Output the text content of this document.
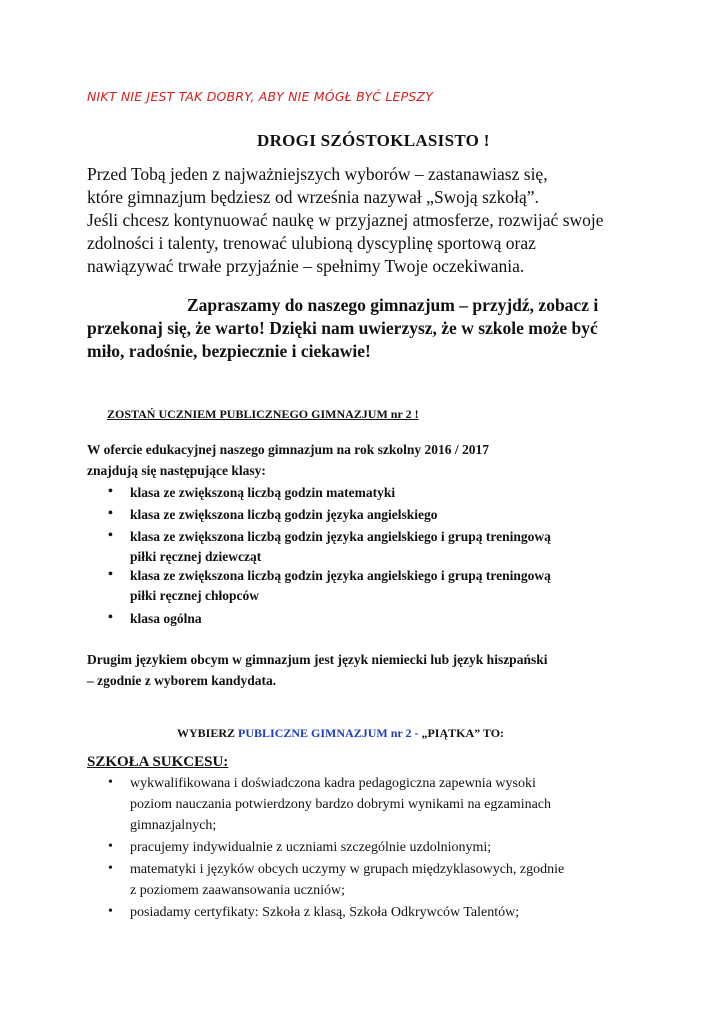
NIKT NIE JEST TAK DOBRY, ABY NIE MÓGŁ BYĆ LEPSZY
DROGI SZÓSTOKLASISTO !
Przed Tobą jeden z najważniejszych wyborów – zastanawiasz się,
które gimnazjum będziesz od września nazywał „Swoją szkołą”.
Jeśli chcesz kontynuować naukę w przyjaznej atmosferze, rozwijać swoje
zdolności i talenty, trenować ulubioną dyscyplinę sportową oraz
nawiązywać trwałe przyjaźnie – spełnimy Twoje oczekiwania.
Zapraszamy do naszego gimnazjum – przyjdź, zobacz i
przekonaj się, że warto! Dzięki nam uwierzysz, że w szkole może być
miło, radośnie, bezpiecznie i ciekawie!
ZOSTAŃ UCZNIEM PUBLICZNEGO GIMNAZJUM nr 2 !
W ofercie edukacyjnej naszego gimnazjum na rok szkolny 2016 / 2017
znajdują się następujące klasy:
• klasa ze zwiększoną liczbą godzin matematyki
• klasa ze zwiększona liczbą godzin języka angielskiego
• klasa ze zwiększona liczbą godzin języka angielskiego i grupą treningową
piłki ręcznej dziewcząt
• klasa ze zwiększona liczbą godzin języka angielskiego i grupą treningową
piłki ręcznej chłopców
• klasa ogólna
Drugim językiem obcym w gimnazjum jest język niemiecki lub język hiszpański
– zgodnie z wyborem kandydata.
WYBIERZ PUBLICZNE GIMNAZJUM nr 2 - „PIĄTKA” TO:
SZKOŁA SUKCESU:
• wykwalifikowana i doświadczona kadra pedagogiczna zapewnia wysoki
poziom nauczania potwierdzony bardzo dobrymi wynikami na egzaminach
gimnazjalnych;
• pracujemy indywidualnie z uczniami szczególnie uzdolnionymi;
• matematyki i języków obcych uczymy w grupach międzyklasowych, zgodnie
z poziomem zaawansowania uczniów;
• posiadamy certyfikaty: Szkoła z klasą, Szkoła Odkrywców Talentów;
